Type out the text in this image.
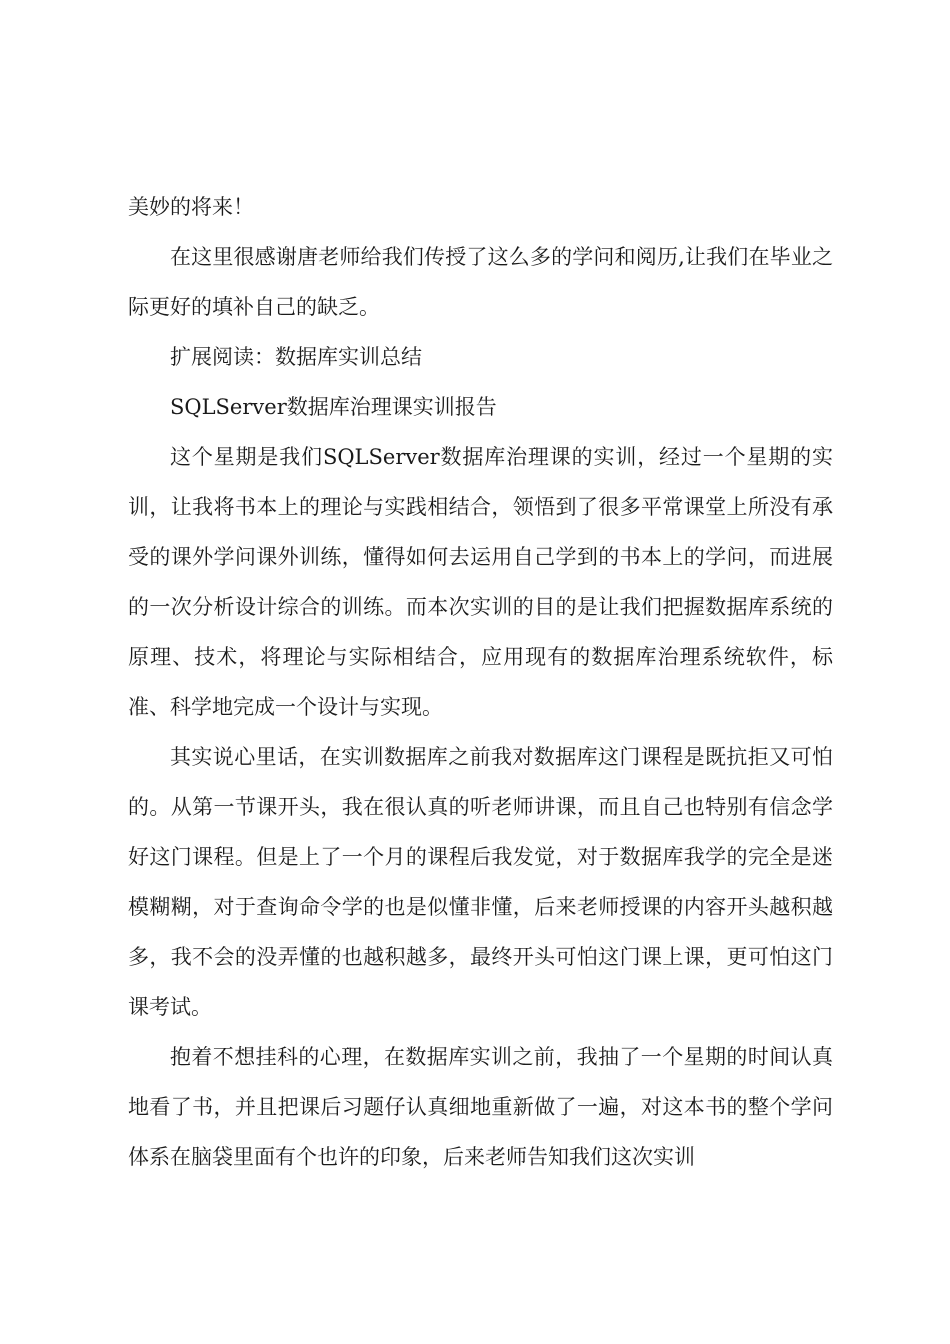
美妙的将来！

在这里很感谢唐老师给我们传授了这么多的学问和阅历,让我们在毕业之际更好的填补自己的缺乏。

扩展阅读：数据库实训总结

SQLServer数据库治理课实训报告

这个星期是我们SQLServer数据库治理课的实训，经过一个星期的实训，让我将书本上的理论与实践相结合，领悟到了很多平常课堂上所没有承受的课外学问课外训练，懂得如何去运用自己学到的书本上的学问，而进展的一次分析设计综合的训练。而本次实训的目的是让我们把握数据库系统的原理、技术，将理论与实际相结合，应用现有的数据库治理系统软件，标准、科学地完成一个设计与实现。

其实说心里话，在实训数据库之前我对数据库这门课程是既抗拒又可怕的。从第一节课开头，我在很认真的听老师讲课，而且自己也特别有信念学好这门课程。但是上了一个月的课程后我发觉，对于数据库我学的完全是迷模糊糊，对于查询命令学的也是似懂非懂，后来老师授课的内容开头越积越多，我不会的没弄懂的也越积越多，最终开头可怕这门课上课，更可怕这门课考试。

抱着不想挂科的心理，在数据库实训之前，我抽了一个星期的时间认真地看了书，并且把课后习题仔认真细地重新做了一遍，对这本书的整个学问体系在脑袋里面有个也许的印象，后来老师告知我们这次实训
